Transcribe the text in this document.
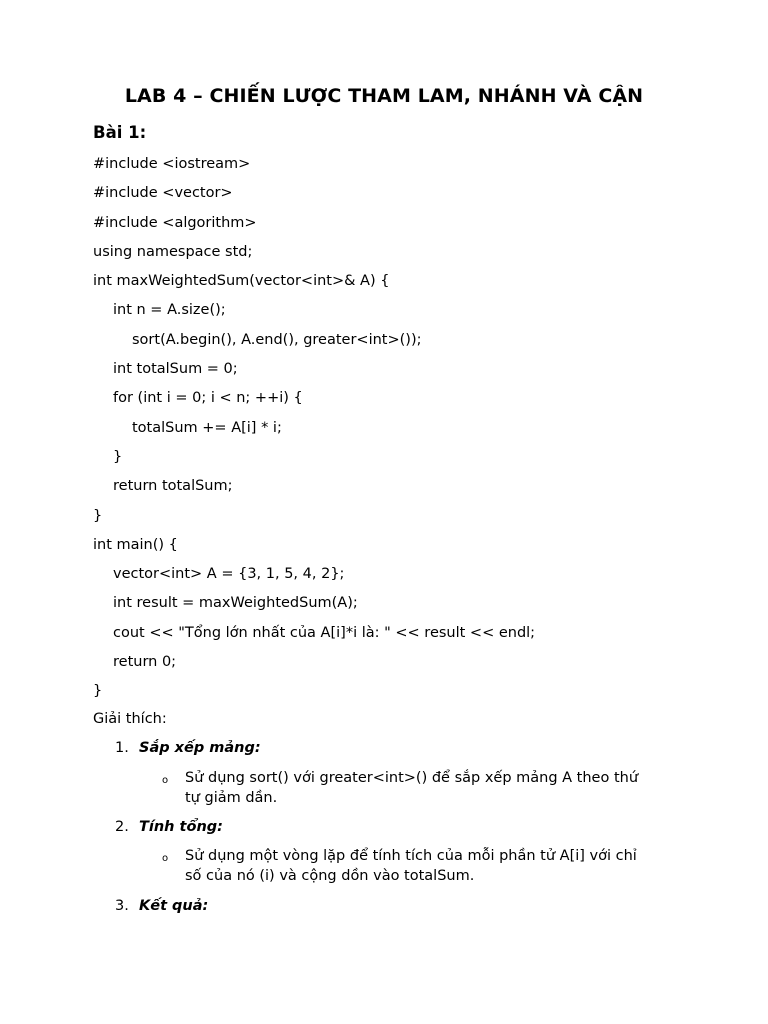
LAB 4 – CHIẾN LƯỢC THAM LAM, NHÁNH VÀ CẬN
Bài 1:
#include <iostream>
#include <vector>
#include <algorithm>
using namespace std;
int maxWeightedSum(vector<int>& A) {
int n = A.size();
sort(A.begin(), A.end(), greater<int>());
int totalSum = 0;
for (int i = 0; i < n; ++i) {
totalSum += A[i] * i;
}
return totalSum;
}
int main() {
vector<int> A = {3, 1, 5, 4, 2};
int result = maxWeightedSum(A);
cout << "Tổng lớn nhất của A[i]*i là: " << result << endl;
return 0;
}
Giải thích:
1. Sắp xếp mảng:
o Sử dụng sort() với greater<int>() để sắp xếp mảng A theo thứ
tự giảm dần.
2. Tính tổng:
o Sử dụng một vòng lặp để tính tích của mỗi phần tử A[i] với chỉ
số của nó (i) và cộng dồn vào totalSum.
3. Kết quả:
